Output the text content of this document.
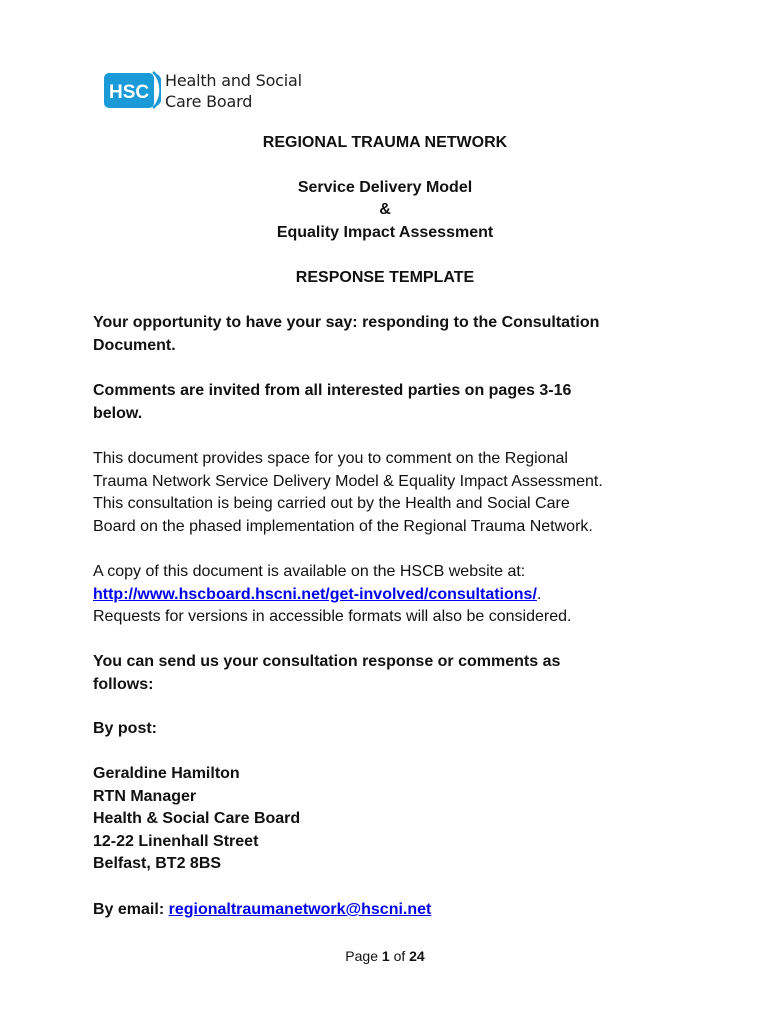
HSC
Health and Social
Care Board
REGIONAL TRAUMA NETWORK
Service Delivery Model
&
Equality Impact Assessment
RESPONSE TEMPLATE
Your opportunity to have your say: responding to the Consultation
Document.
Comments are invited from all interested parties on pages 3-16
below.
This document provides space for you to comment on the Regional
Trauma Network Service Delivery Model & Equality Impact Assessment.
This consultation is being carried out by the Health and Social Care
Board on the phased implementation of the Regional Trauma Network.
A copy of this document is available on the HSCB website at:
http://www.hscboard.hscni.net/get-involved/consultations/.
Requests for versions in accessible formats will also be considered.
You can send us your consultation response or comments as
follows:
By post:
Geraldine Hamilton
RTN Manager
Health & Social Care Board
12-22 Linenhall Street
Belfast, BT2 8BS
By email: regionaltraumanetwork@hscni.net
Page 1 of 24
